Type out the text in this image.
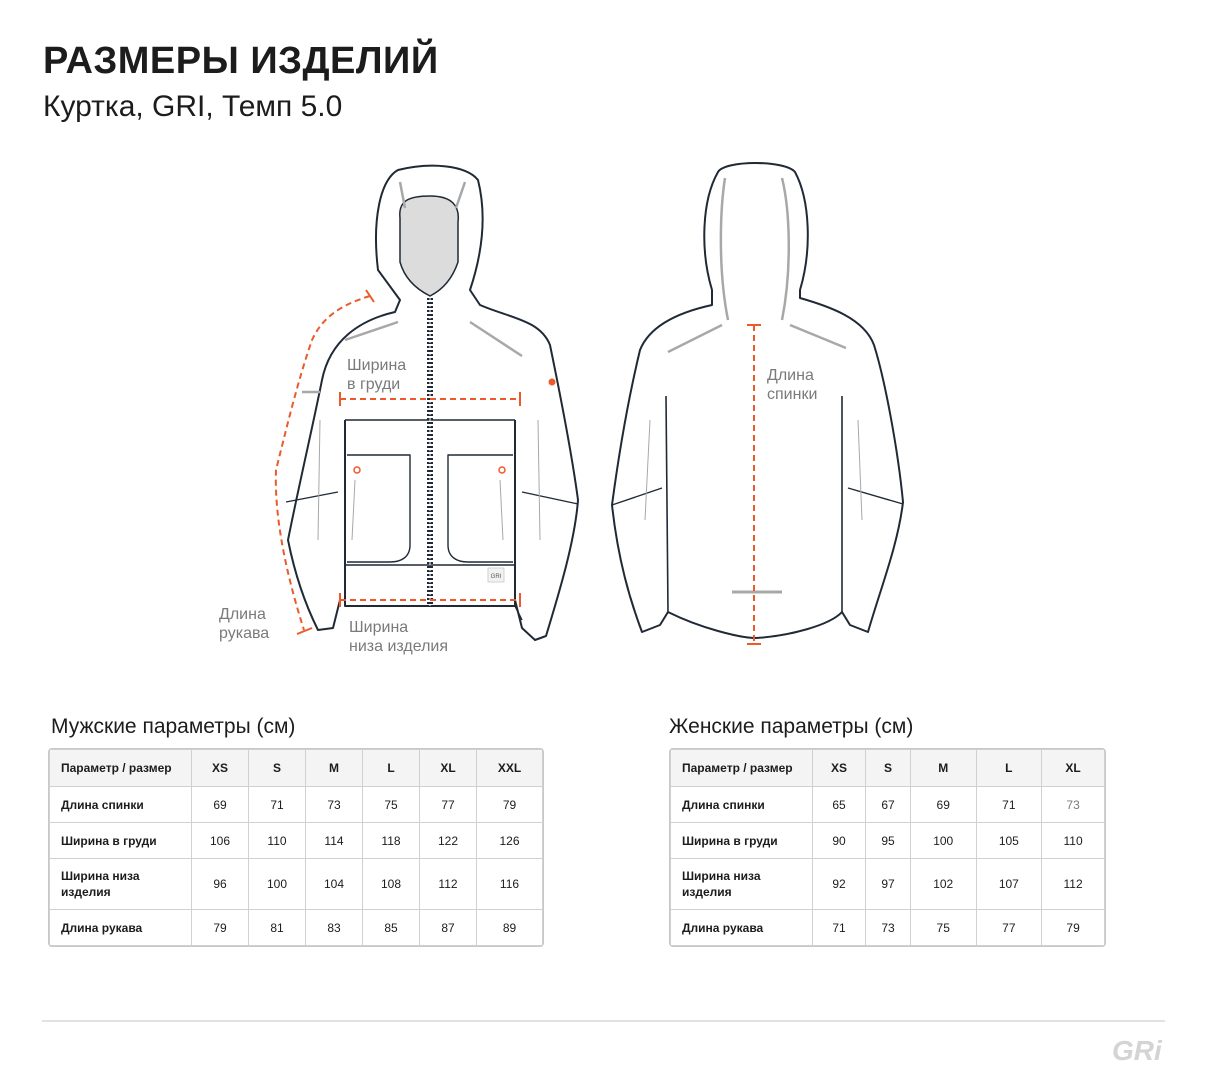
РАЗМЕРЫ ИЗДЕЛИЙ
Куртка, GRI, Темп 5.0
GRI
Ширина
в груди
Длина
рукава	Ширина
низа изделия
Длина
спинки
Мужские параметры (см)
Параметр / размер	XS	S	M	L	XL	XXL
Длина спинки	69	71	73	75	77	79
Ширина в груди	106	110	114	118	122	126
Ширина низа изделия	96	100	104	108	112	116
Длина рукава	79	81	83	85	87	89
Женские параметры (см)
Параметр / размер	XS	S	M	L	XL
Длина спинки	65	67	69	71	73
Ширина в груди	90	95	100	105	110
Ширина низа изделия	92	97	102	107	112
Длина рукава	71	73	75	77	79
GRi
